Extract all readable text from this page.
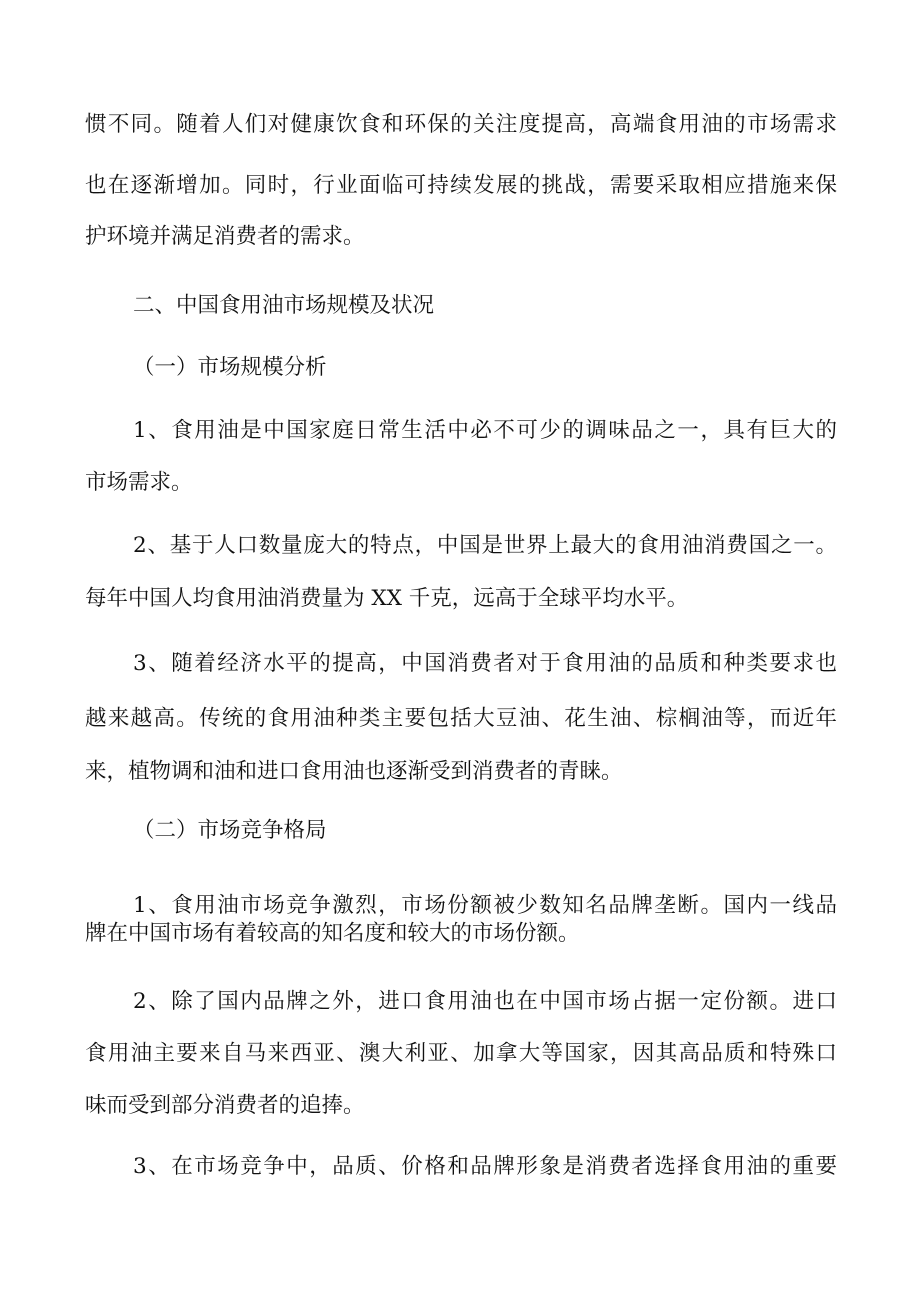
惯不同。随着人们对健康饮食和环保的关注度提高，高端食用油的市场需求

也在逐渐增加。同时，行业面临可持续发展的挑战，需要采取相应措施来保

护环境并满足消费者的需求。

二、中国食用油市场规模及状况

（一）市场规模分析

1、食用油是中国家庭日常生活中必不可少的调味品之一，具有巨大的

市场需求。

2、基于人口数量庞大的特点，中国是世界上最大的食用油消费国之一。

每年中国人均食用油消费量为 XX 千克，远高于全球平均水平。

3、随着经济水平的提高，中国消费者对于食用油的品质和种类要求也

越来越高。传统的食用油种类主要包括大豆油、花生油、棕榈油等，而近年

来，植物调和油和进口食用油也逐渐受到消费者的青睐。

（二）市场竞争格局

1、食用油市场竞争激烈，市场份额被少数知名品牌垄断。国内一线品

牌在中国市场有着较高的知名度和较大的市场份额。

2、除了国内品牌之外，进口食用油也在中国市场占据一定份额。进口

食用油主要来自马来西亚、澳大利亚、加拿大等国家，因其高品质和特殊口

味而受到部分消费者的追捧。

3、在市场竞争中，品质、价格和品牌形象是消费者选择食用油的重要
